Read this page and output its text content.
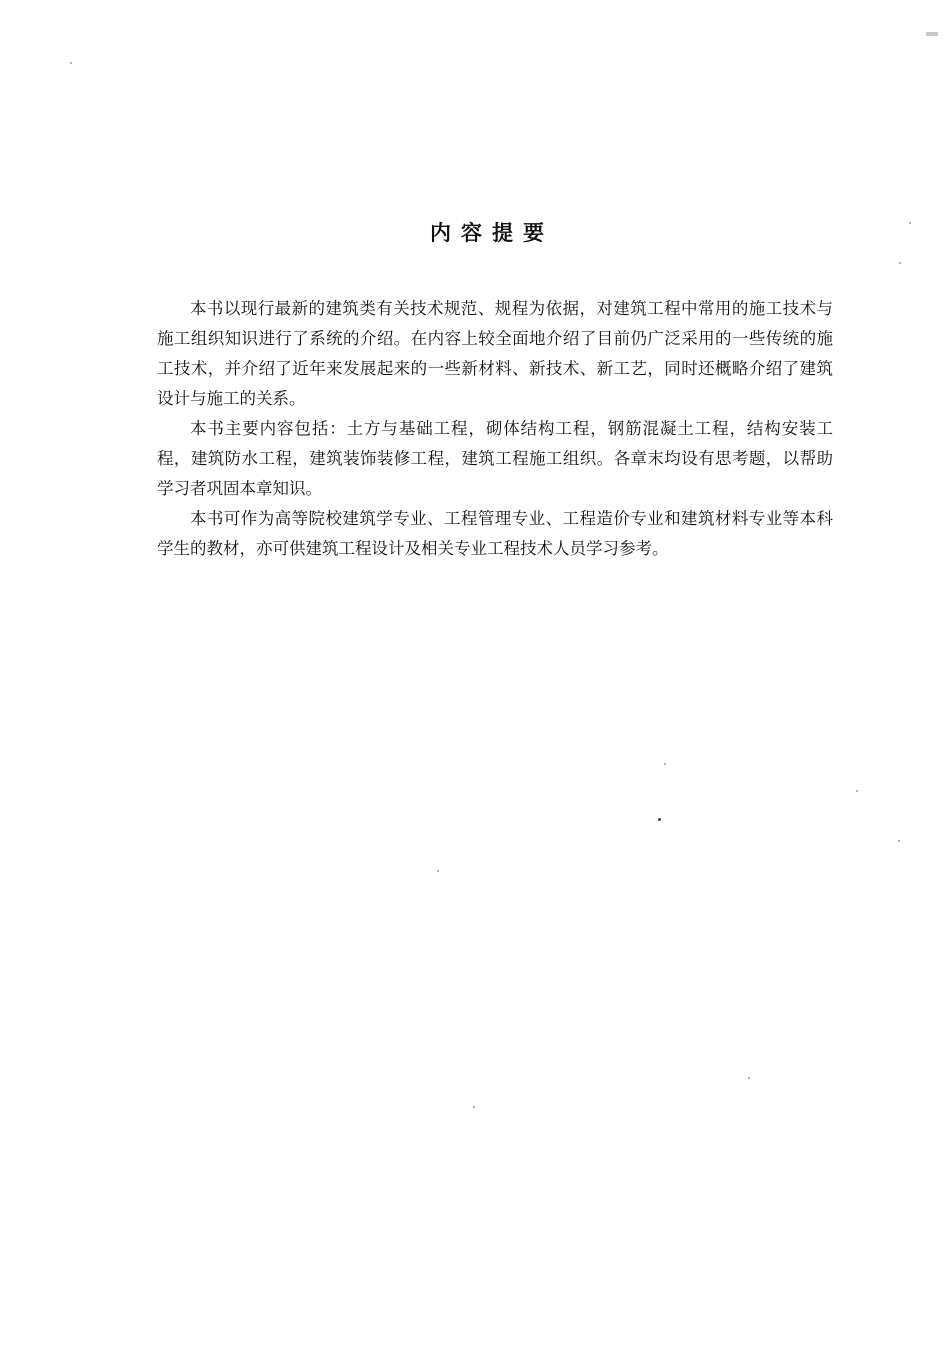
内容提要

本书以现行最新的建筑类有关技术规范、规程为依据，对建筑工程中常用的施工技术与施工组织知识进行了系统的介绍。在内容上较全面地介绍了目前仍广泛采用的一些传统的施工技术，并介绍了近年来发展起来的一些新材料、新技术、新工艺，同时还概略介绍了建筑设计与施工的关系。

本书主要内容包括：土方与基础工程，砌体结构工程，钢筋混凝土工程，结构安装工程，建筑防水工程，建筑装饰装修工程，建筑工程施工组织。各章末均设有思考题，以帮助学习者巩固本章知识。

本书可作为高等院校建筑学专业、工程管理专业、工程造价专业和建筑材料专业等本科学生的教材，亦可供建筑工程设计及相关专业工程技术人员学习参考。
